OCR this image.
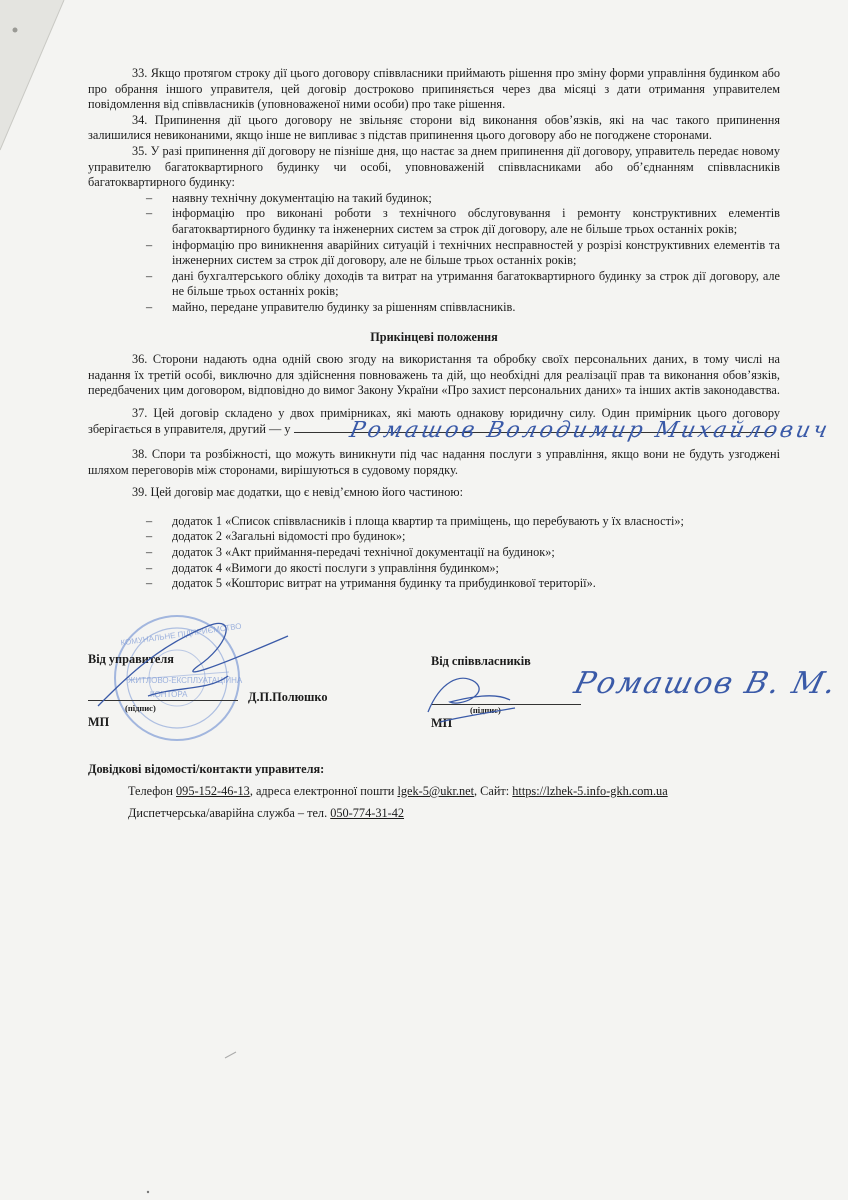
33. Якщо протягом строку дії цього договору співвласники приймають рішення про зміну форми управління будинком або про обрання іншого управителя, цей договір достроково припиняється через два місяці з дати отримання управителем повідомлення від співвласників (уповноваженої ними особи) про таке рішення.

34. Припинення дії цього договору не звільняє сторони від виконання обов’язків, які на час такого припинення залишилися невиконаними, якщо інше не випливає з підстав припинення цього договору або не погоджене сторонами.

35. У разі припинення дії договору не пізніше дня, що настає за днем припинення дії договору, управитель передає новому управителю багатоквартирного будинку чи особі, уповноваженій співвласниками або об’єднанням співвласників багатоквартирного будинку:

– наявну технічну документацію на такий будинок;
– інформацію про виконані роботи з технічного обслуговування і ремонту конструктивних елементів багатоквартирного будинку та інженерних систем за строк дії договору, але не більше трьох останніх років;
– інформацію про виникнення аварійних ситуацій і технічних несправностей у розрізі конструктивних елементів та інженерних систем за строк дії договору, але не більше трьох останніх років;
– дані бухгалтерського обліку доходів та витрат на утримання багатоквартирного будинку за строк дії договору, але не більше трьох останніх років;
– майно, передане управителю будинку за рішенням співвласників.

Прикінцеві положення

36. Сторони надають одна одній свою згоду на використання та обробку своїх персональних даних, в тому числі на надання їх третій особі, виключно для здійснення повноважень та дій, що необхідні для реалізації прав та виконання обов’язків, передбачених цим договором, відповідно до вимог Закону України «Про захист персональних даних» та інших актів законодавства.

37. Цей договір складено у двох примірниках, які мають однакову юридичну силу. Один примірник цього договору зберігається в управителя, другий — у

38. Спори та розбіжності, що можуть виникнути під час надання послуги з управління, якщо вони не будуть узгоджені шляхом переговорів між сторонами, вирішуються в судовому порядку.

39. Цей договір має додатки, що є невід’ємною його частиною:

– додаток 1 «Список співвласників і площа квартир та приміщень, що перебувають у їх власності»;
– додаток 2 «Загальні відомості про будинок»;
– додаток 3 «Акт приймання-передачі технічної документації на будинок»;
– додаток 4 «Вимоги до якості послуги з управління будинком»;
– додаток 5 «Кошторис витрат на утримання будинку та прибудинкової території».
Ромашов Володимир Михайлович
КОМУНАЛЬНЕ ПІДПРИЄМСТВО
ЖИТЛОВО-ЕКСПЛУАТАЦІЙНА
КОНТОРА
Від управителя
(підпис)
Д.П.Полюшко
МП
Від співвласників
(підпис)
МП
Ромашов В. М.
Довідкові відомості/контакти управителя:
Телефон 095-152-46-13, адреса електронної пошти lgek-5@ukr.net, Сайт: https://lzhek-5.info-gkh.com.ua
Диспетчерська/аварійна служба – тел. 050-774-31-42
